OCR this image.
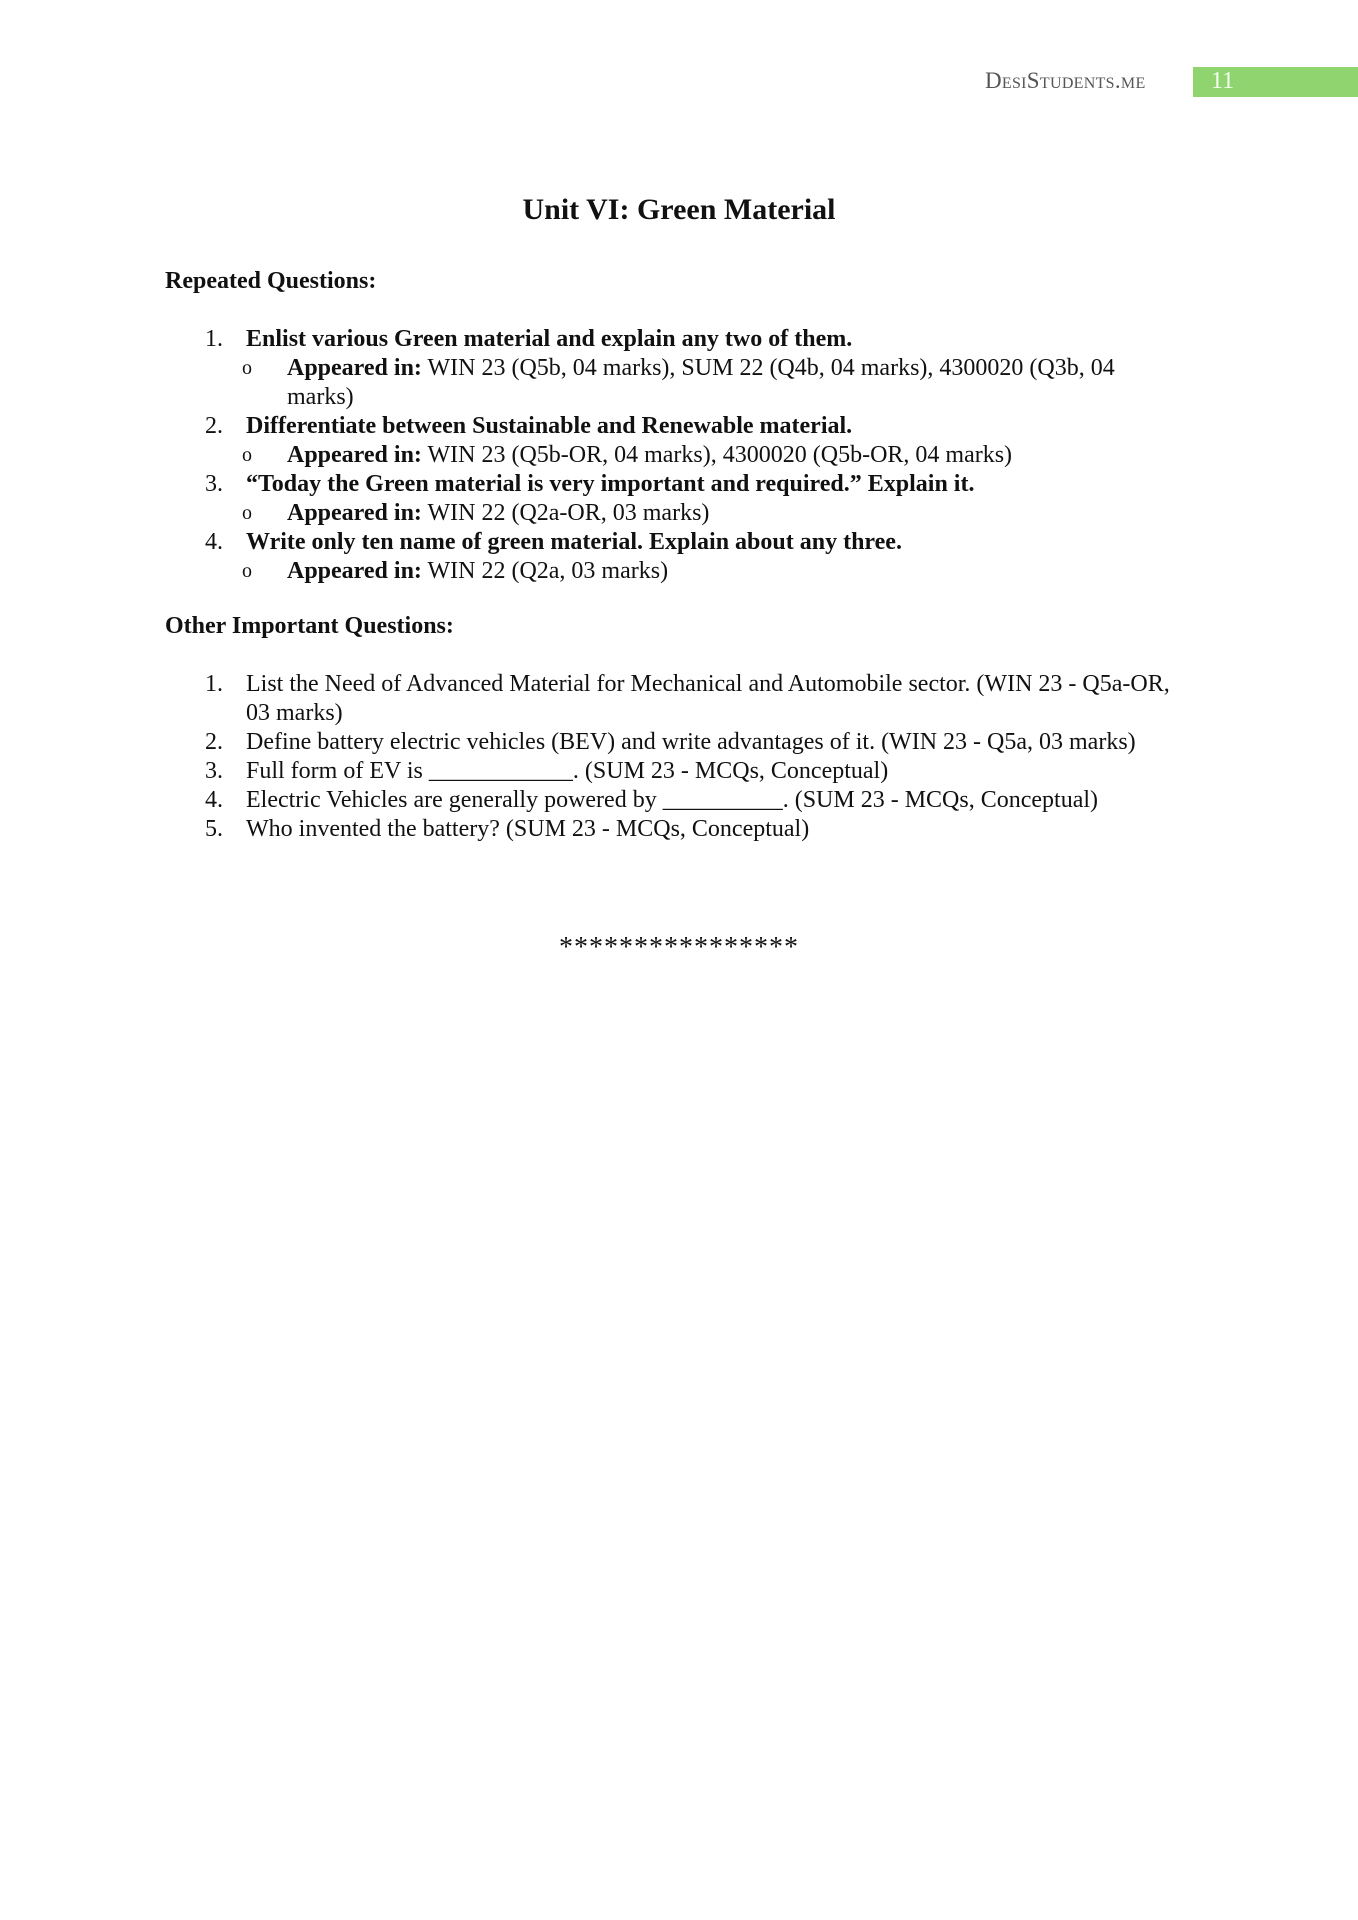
DesiStudents.me	11
Unit VI: Green Material
Repeated Questions:
1. Enlist various Green material and explain any two of them.
o Appeared in: WIN 23 (Q5b, 04 marks), SUM 22 (Q4b, 04 marks), 4300020 (Q3b, 04 marks)
2. Differentiate between Sustainable and Renewable material.
o Appeared in: WIN 23 (Q5b-OR, 04 marks), 4300020 (Q5b-OR, 04 marks)
3. “Today the Green material is very important and required.” Explain it.
o Appeared in: WIN 22 (Q2a-OR, 03 marks)
4. Write only ten name of green material. Explain about any three.
o Appeared in: WIN 22 (Q2a, 03 marks)
Other Important Questions:
1. List the Need of Advanced Material for Mechanical and Automobile sector. (WIN 23 - Q5a-OR, 03 marks)
2. Define battery electric vehicles (BEV) and write advantages of it. (WIN 23 - Q5a, 03 marks)
3. Full form of EV is ____________. (SUM 23 - MCQs, Conceptual)
4. Electric Vehicles are generally powered by __________. (SUM 23 - MCQs, Conceptual)
5. Who invented the battery? (SUM 23 - MCQs, Conceptual)
****************
